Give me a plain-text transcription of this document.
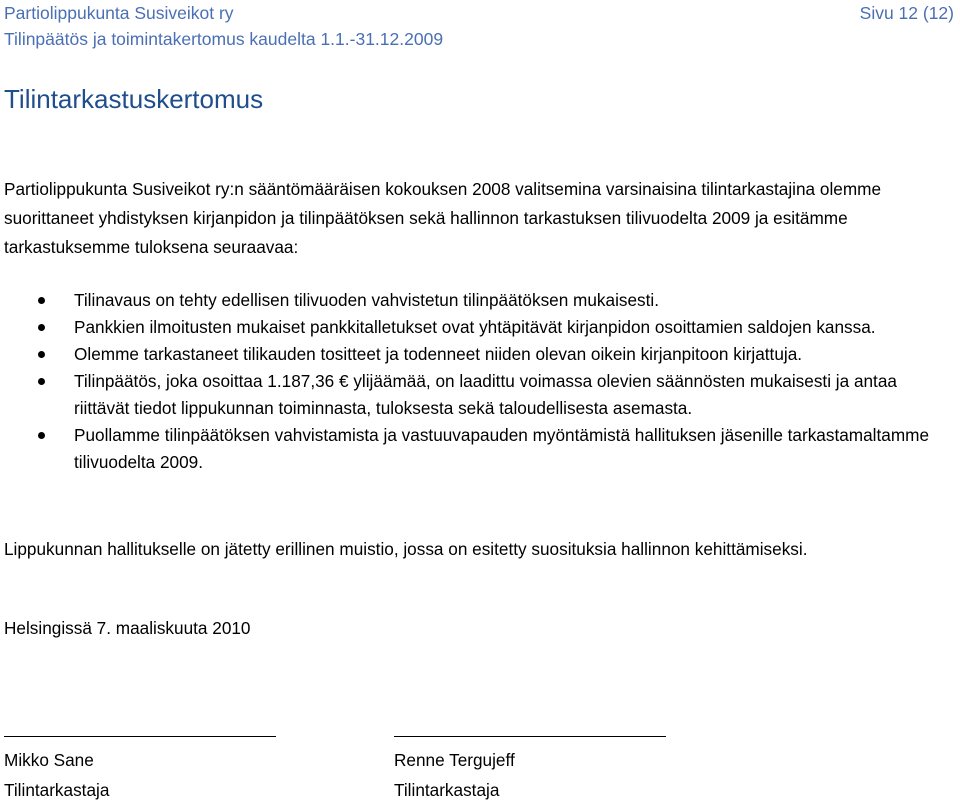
Partiolippukunta Susiveikot ry
Tilinpäätös ja toimintakertomus kaudelta 1.1.-31.12.2009
Sivu 12 (12)
Tilintarkastuskertomus

Partiolippukunta Susiveikot ry:n sääntömääräisen kokouksen 2008 valitsemina varsinaisina tilintarkastajina olemme suorittaneet yhdistyksen kirjanpidon ja tilinpäätöksen sekä hallinnon tarkastuksen tilivuodelta 2009 ja esitämme tarkastuksemme tuloksena seuraavaa:

Tilinavaus on tehty edellisen tilivuoden vahvistetun tilinpäätöksen mukaisesti.
Pankkien ilmoitusten mukaiset pankkitalletukset ovat yhtäpitävät kirjanpidon osoittamien saldojen kanssa.
Olemme tarkastaneet tilikauden tositteet ja todenneet niiden olevan oikein kirjanpitoon kirjattuja.
Tilinpäätös, joka osoittaa 1.187,36 € ylijäämää, on laadittu voimassa olevien säännösten mukaisesti ja antaa riittävät tiedot lippukunnan toiminnasta, tuloksesta sekä taloudellisesta asemasta.
Puollamme tilinpäätöksen vahvistamista ja vastuuvapauden myöntämistä hallituksen jäsenille tarkastamaltamme tilivuodelta 2009.

Lippukunnan hallitukselle on jätetty erillinen muistio, jossa on esitetty suosituksia hallinnon kehittämiseksi.

Helsingissä 7. maaliskuuta 2010

Mikko Sane
Tilintarkastaja
Renne Tergujeff
Tilintarkastaja
